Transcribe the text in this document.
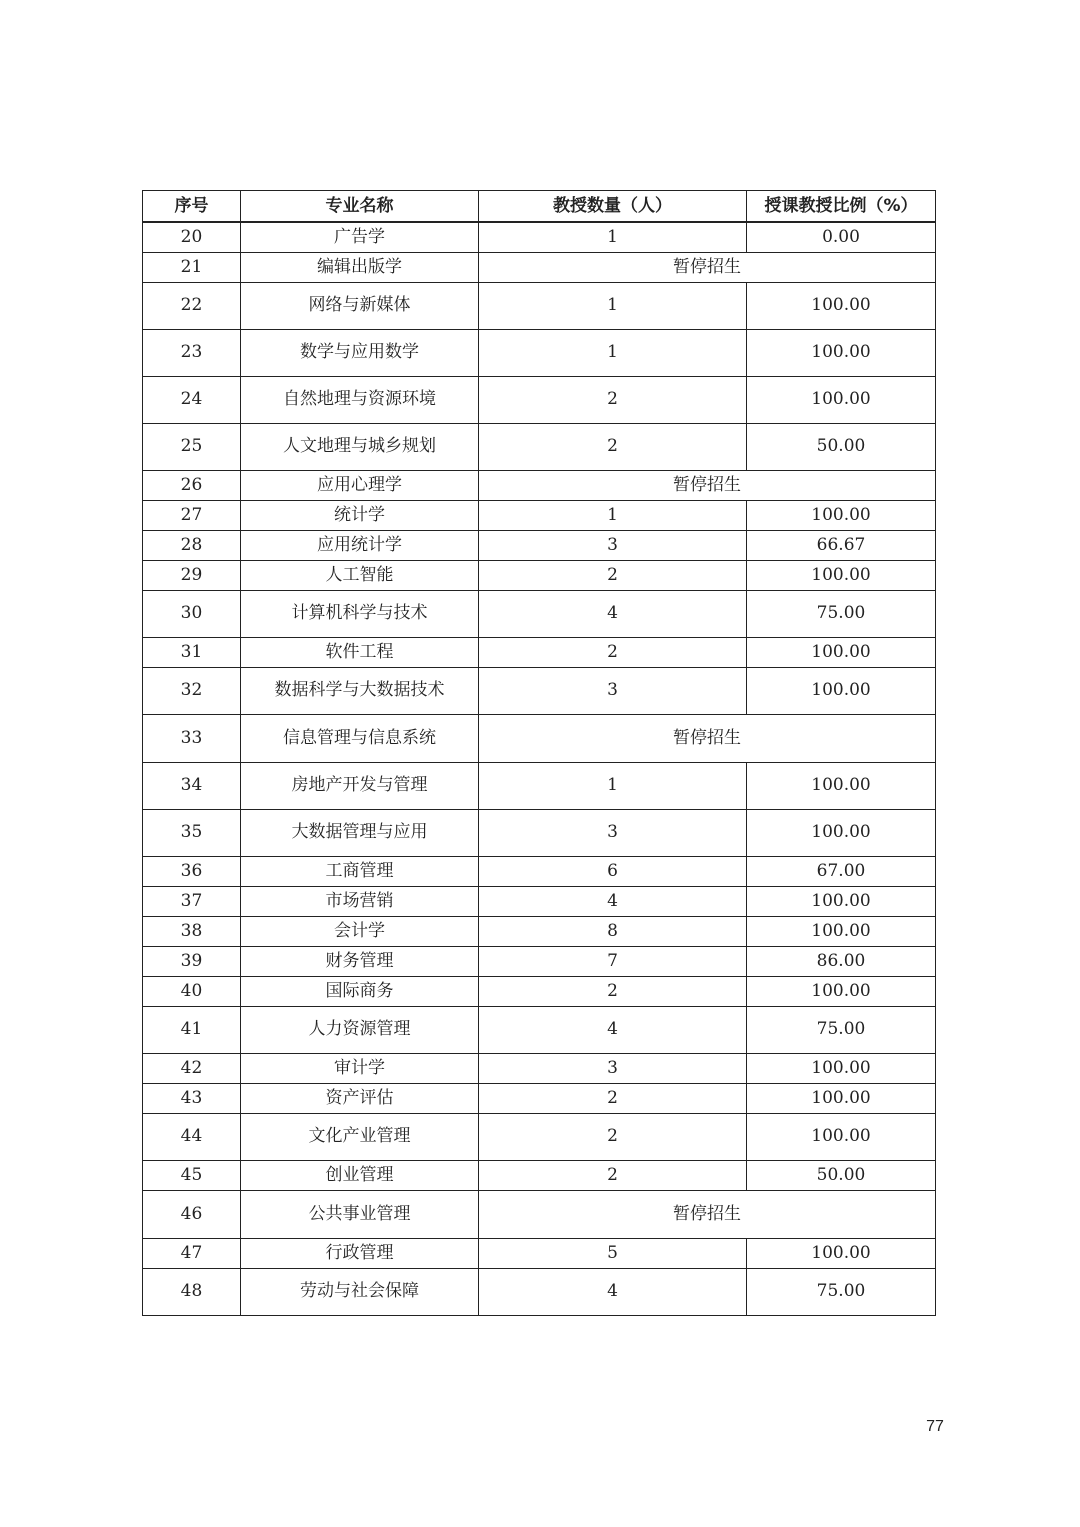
序号	专业名称	教授数量（人）	授课教授比例（%）
20	广告学	1	0.00
21	编辑出版学	暂停招生	
22	网络与新媒体	1	100.00
23	数学与应用数学	1	100.00
24	自然地理与资源环境	2	100.00
25	人文地理与城乡规划	2	50.00
26	应用心理学	暂停招生	
27	统计学	1	100.00
28	应用统计学	3	66.67
29	人工智能	2	100.00
30	计算机科学与技术	4	75.00
31	软件工程	2	100.00
32	数据科学与大数据技术	3	100.00
33	信息管理与信息系统	暂停招生	
34	房地产开发与管理	1	100.00
35	大数据管理与应用	3	100.00
36	工商管理	6	67.00
37	市场营销	4	100.00
38	会计学	8	100.00
39	财务管理	7	86.00
40	国际商务	2	100.00
41	人力资源管理	4	75.00
42	审计学	3	100.00
43	资产评估	2	100.00
44	文化产业管理	2	100.00
45	创业管理	2	50.00
46	公共事业管理	暂停招生	
47	行政管理	5	100.00
48	劳动与社会保障	4	75.00
77
